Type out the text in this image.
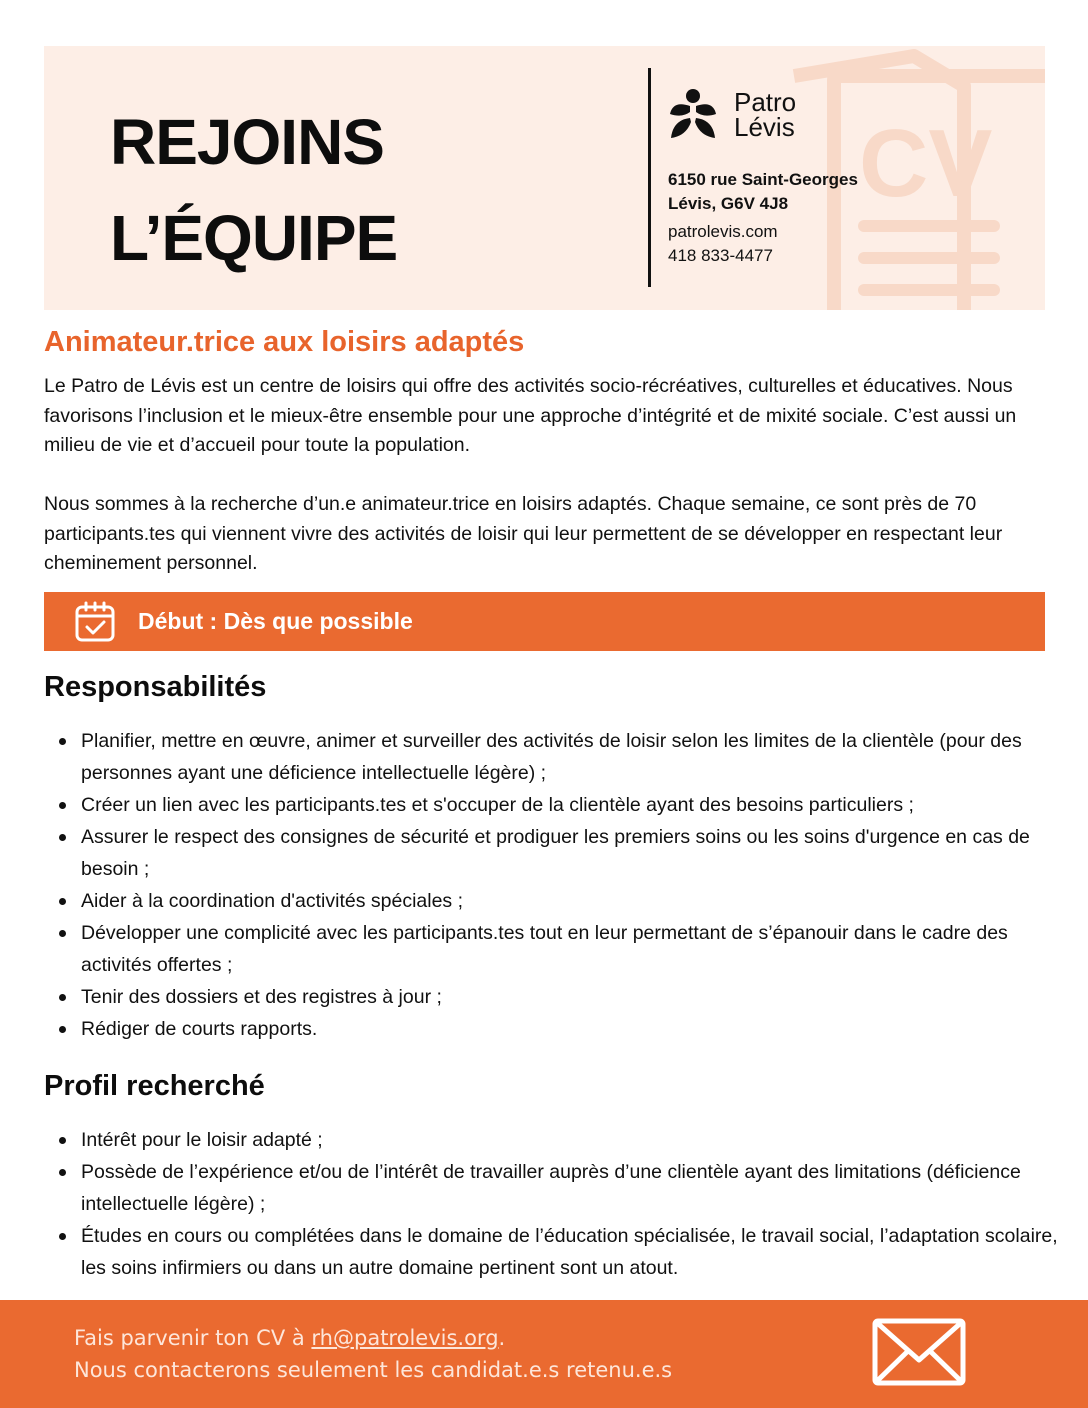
CV
REJOINS
L’ÉQUIPE
Patro
Lévis
6150 rue Saint-Georges
Lévis, G6V 4J8
patrolevis.com
418 833-4477
Animateur.trice aux loisirs adaptés

Le Patro de Lévis est un centre de loisirs qui offre des activités socio-récréatives, culturelles et éducatives. Nous favorisons l’inclusion et le mieux-être ensemble pour une approche d’intégrité et de mixité sociale. C’est aussi un milieu de vie et d’accueil pour toute la population.

Nous sommes à la recherche d’un.e animateur.trice en loisirs adaptés. Chaque semaine, ce sont près de 70 participants.tes qui viennent vivre des activités de loisir qui leur permettent de se développer en respectant leur cheminement personnel.

Début : Dès que possible
Responsabilités
Planifier, mettre en œuvre, animer et surveiller des activités de loisir selon les limites de la clientèle (pour des personnes ayant une déficience intellectuelle légère) ;
Créer un lien avec les participants.tes et s'occuper de la clientèle ayant des besoins particuliers ;
Assurer le respect des consignes de sécurité et prodiguer les premiers soins ou les soins d'urgence en cas de besoin ;
Aider à la coordination d'activités spéciales ;
Développer une complicité avec les participants.tes tout en leur permettant de s’épanouir dans le cadre des activités offertes ;
Tenir des dossiers et des registres à jour ;
Rédiger de courts rapports.
Profil recherché
Intérêt pour le loisir adapté ;
Possède de l’expérience et/ou de l’intérêt de travailler auprès d’une clientèle ayant des limitations (déficience intellectuelle légère) ;
Études en cours ou complétées dans le domaine de l’éducation spécialisée, le travail social, l’adaptation scolaire, les soins infirmiers ou dans un autre domaine pertinent sont un atout.
Fais parvenir ton CV à rh@patrolevis.org.
Nous contacterons seulement les candidat.e.s retenu.e.s
